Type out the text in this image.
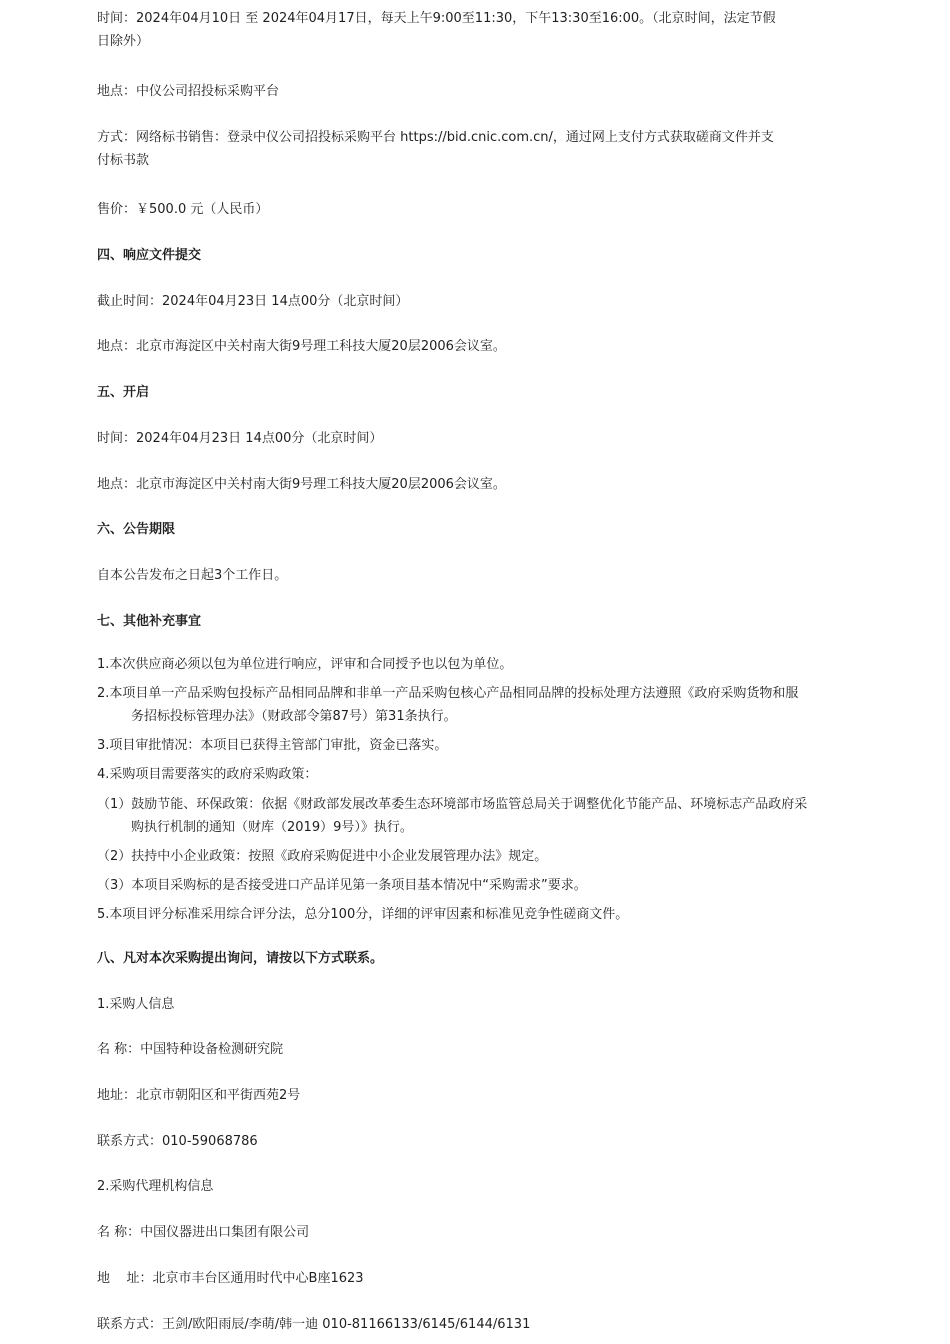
时间：2024年04月10日 至 2024年04月17日，每天上午9:00至11:30，下午13:30至16:00。（北京时间，法定节假日除外）

地点：中仪公司招投标采购平台

方式：网络标书销售：登录中仪公司招投标采购平台 https://bid.cnic.com.cn/，通过网上支付方式获取磋商文件并支付标书款

售价：￥500.0 元（人民币）

四、响应文件提交

截止时间：2024年04月23日 14点00分（北京时间）

地点：北京市海淀区中关村南大街9号理工科技大厦20层2006会议室。

五、开启

时间：2024年04月23日 14点00分（北京时间）

地点：北京市海淀区中关村南大街9号理工科技大厦20层2006会议室。

六、公告期限

自本公告发布之日起3个工作日。

七、其他补充事宜

1.本次供应商必须以包为单位进行响应，评审和合同授予也以包为单位。

2.本项目单一产品采购包投标产品相同品牌和非单一产品采购包核心产品相同品牌的投标处理方法遵照《政府采购货物和服务招标投标管理办法》（财政部令第87号）第31条执行。

3.项目审批情况：本项目已获得主管部门审批，资金已落实。

4.采购项目需要落实的政府采购政策：

（1）鼓励节能、环保政策：依据《财政部发展改革委生态环境部市场监管总局关于调整优化节能产品、环境标志产品政府采购执行机制的通知（财库（2019）9号）》执行。

（2）扶持中小企业政策：按照《政府采购促进中小企业发展管理办法》规定。

（3）本项目采购标的是否接受进口产品详见第一条项目基本情况中“采购需求”要求。

5.本项目评分标准采用综合评分法，总分100分，详细的评审因素和标准见竞争性磋商文件。

八、凡对本次采购提出询问，请按以下方式联系。

1.采购人信息

名 称：中国特种设备检测研究院

地址：北京市朝阳区和平街西苑2号

联系方式：010-59068786

2.采购代理机构信息

名 称：中国仪器进出口集团有限公司

地    址：北京市丰台区通用时代中心B座1623

联系方式：王剑/欧阳雨辰/李萌/韩一迪 010-81166133/6145/6144/6131
